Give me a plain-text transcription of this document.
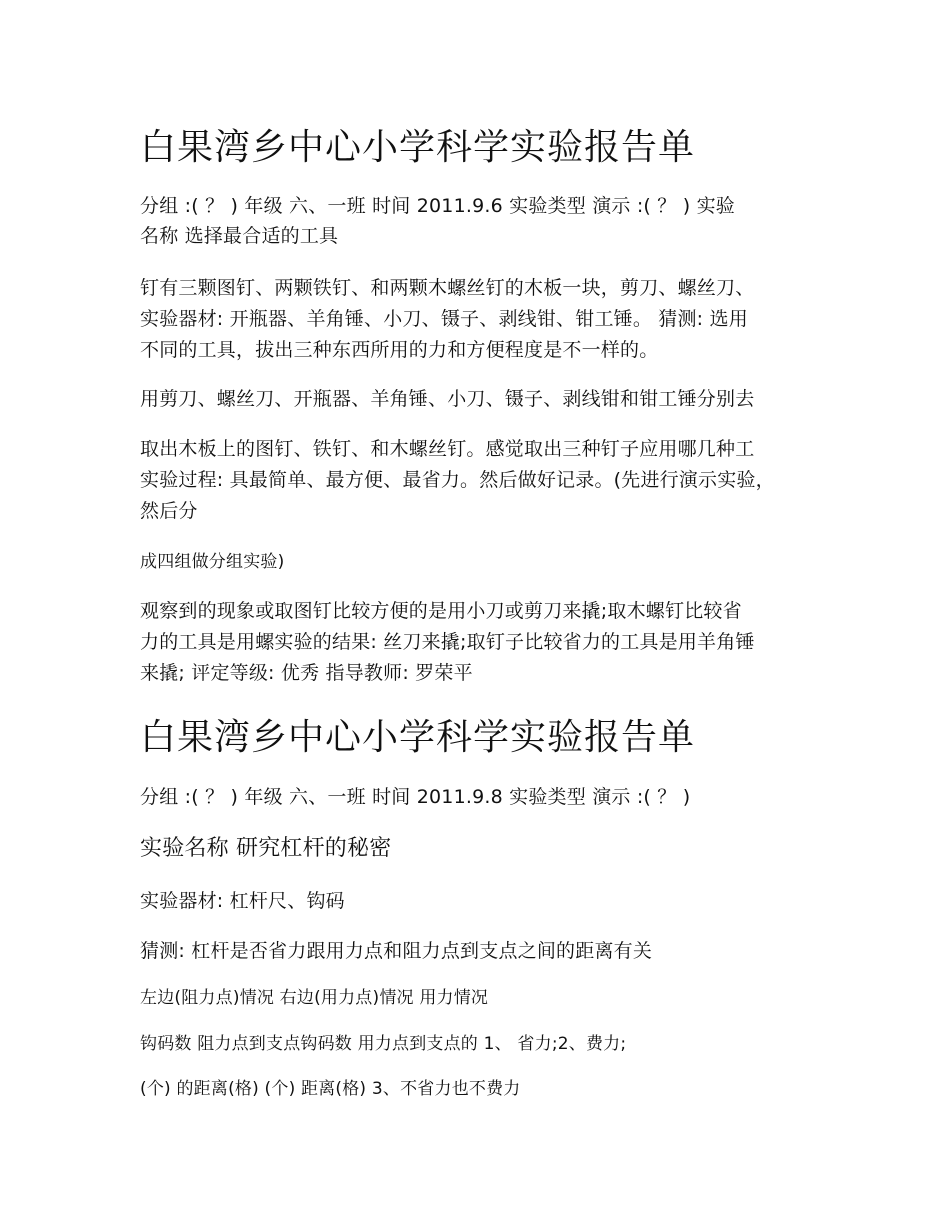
白果湾乡中心小学科学实验报告单
分组 :( ？ ) 年级 六、一班 时间 2011.9.6 实验类型 演示 :( ？ ) 实验
名称 选择最合适的工具
钉有三颗图钉、两颗铁钉、和两颗木螺丝钉的木板一块，剪刀、螺丝刀、
实验器材: 开瓶器、羊角锤、小刀、镊子、剥线钳、钳工锤。 猜测: 选用
不同的工具，拔出三种东西所用的力和方便程度是不一样的。
用剪刀、螺丝刀、开瓶器、羊角锤、小刀、镊子、剥线钳和钳工锤分别去
取出木板上的图钉、铁钉、和木螺丝钉。感觉取出三种钉子应用哪几种工
实验过程: 具最简单、最方便、最省力。然后做好记录。(先进行演示实验，
然后分
成四组做分组实验)
观察到的现象或取图钉比较方便的是用小刀或剪刀来撬;取木螺钉比较省
力的工具是用螺实验的结果: 丝刀来撬;取钉子比较省力的工具是用羊角锤
来撬; 评定等级: 优秀 指导教师: 罗荣平
白果湾乡中心小学科学实验报告单
分组 :( ？ ) 年级 六、一班 时间 2011.9.8 实验类型 演示 :( ？ )
实验名称 研究杠杆的秘密
实验器材: 杠杆尺、钩码
猜测: 杠杆是否省力跟用力点和阻力点到支点之间的距离有关
左边(阻力点)情况 右边(用力点)情况 用力情况
钩码数 阻力点到支点钩码数 用力点到支点的 1、 省力;2、费力;
(个) 的距离(格) (个) 距离(格) 3、不省力也不费力
